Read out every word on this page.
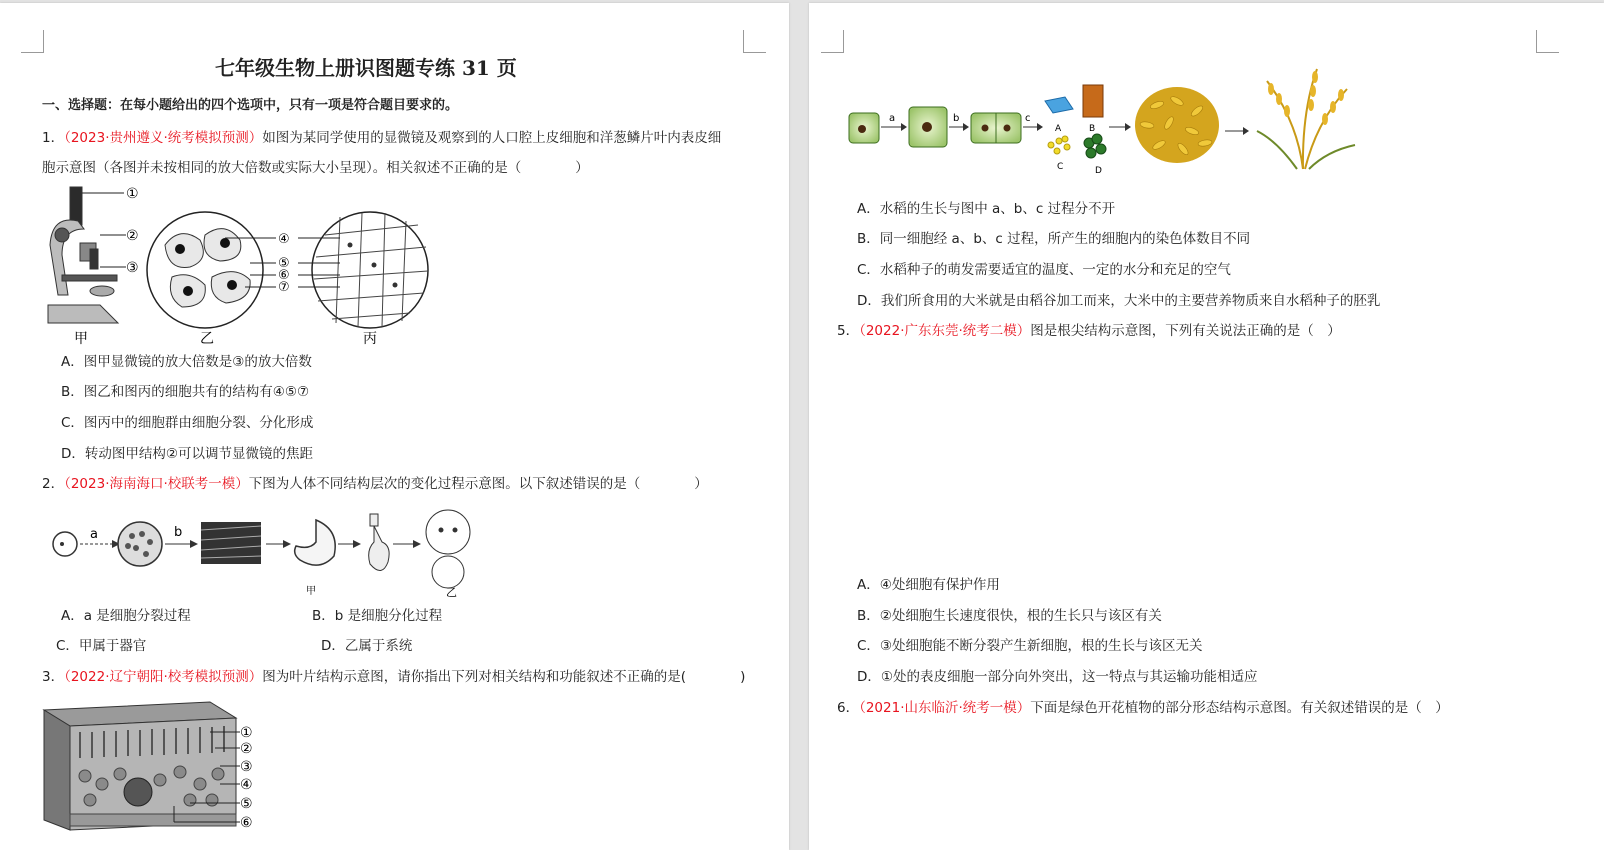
七年级生物上册识图题专练 31 页
一、选择题：在每小题给出的四个选项中，只有一项是符合题目要求的。
1．（2023·贵州遵义·统考模拟预测）如图为某同学使用的显微镜及观察到的人口腔上皮细胞和洋葱鳞片叶内表皮细
胞示意图（各图并未按相同的放大倍数或实际大小呈现）。相关叙述不正确的是（　　　　）
①
②
③
④
⑤
⑥
⑦
甲	乙	丙
A．图甲显微镜的放大倍数是③的放大倍数
B．图乙和图丙的细胞共有的结构有④⑤⑦
C．图丙中的细胞群由细胞分裂、分化形成
D．转动图甲结构②可以调节显微镜的焦距
2．（2023·海南海口·校联考一模）下图为人体不同结构层次的变化过程示意图。以下叙述错误的是（　　　　）
a	b
甲	乙
A．a 是细胞分裂过程	B．b 是细胞分化过程
C．甲属于器官	D．乙属于系统
3．（2022·辽宁朝阳·校考模拟预测）图为叶片结构示意图，请你指出下列对相关结构和功能叙述不正确的是(　　　　)
①
②
③
④
⑤
⑥
a	b	c
A	B
C	D
A．水稻的生长与图中 a、b、c 过程分不开
B．同一细胞经 a、b、c 过程，所产生的细胞内的染色体数目不同
C．水稻种子的萌发需要适宜的温度、一定的水分和充足的空气
D．我们所食用的大米就是由稻谷加工而来，大米中的主要营养物质来自水稻种子的胚乳
5．（2022·广东东莞·统考二模）图是根尖结构示意图，下列有关说法正确的是（　）
A．④处细胞有保护作用
B．②处细胞生长速度很快，根的生长只与该区有关
C．③处细胞能不断分裂产生新细胞，根的生长与该区无关
D．①处的表皮细胞一部分向外突出，这一特点与其运输功能相适应
6．（2021·山东临沂·统考一模）下面是绿色开花植物的部分形态结构示意图。有关叙述错误的是（　）
